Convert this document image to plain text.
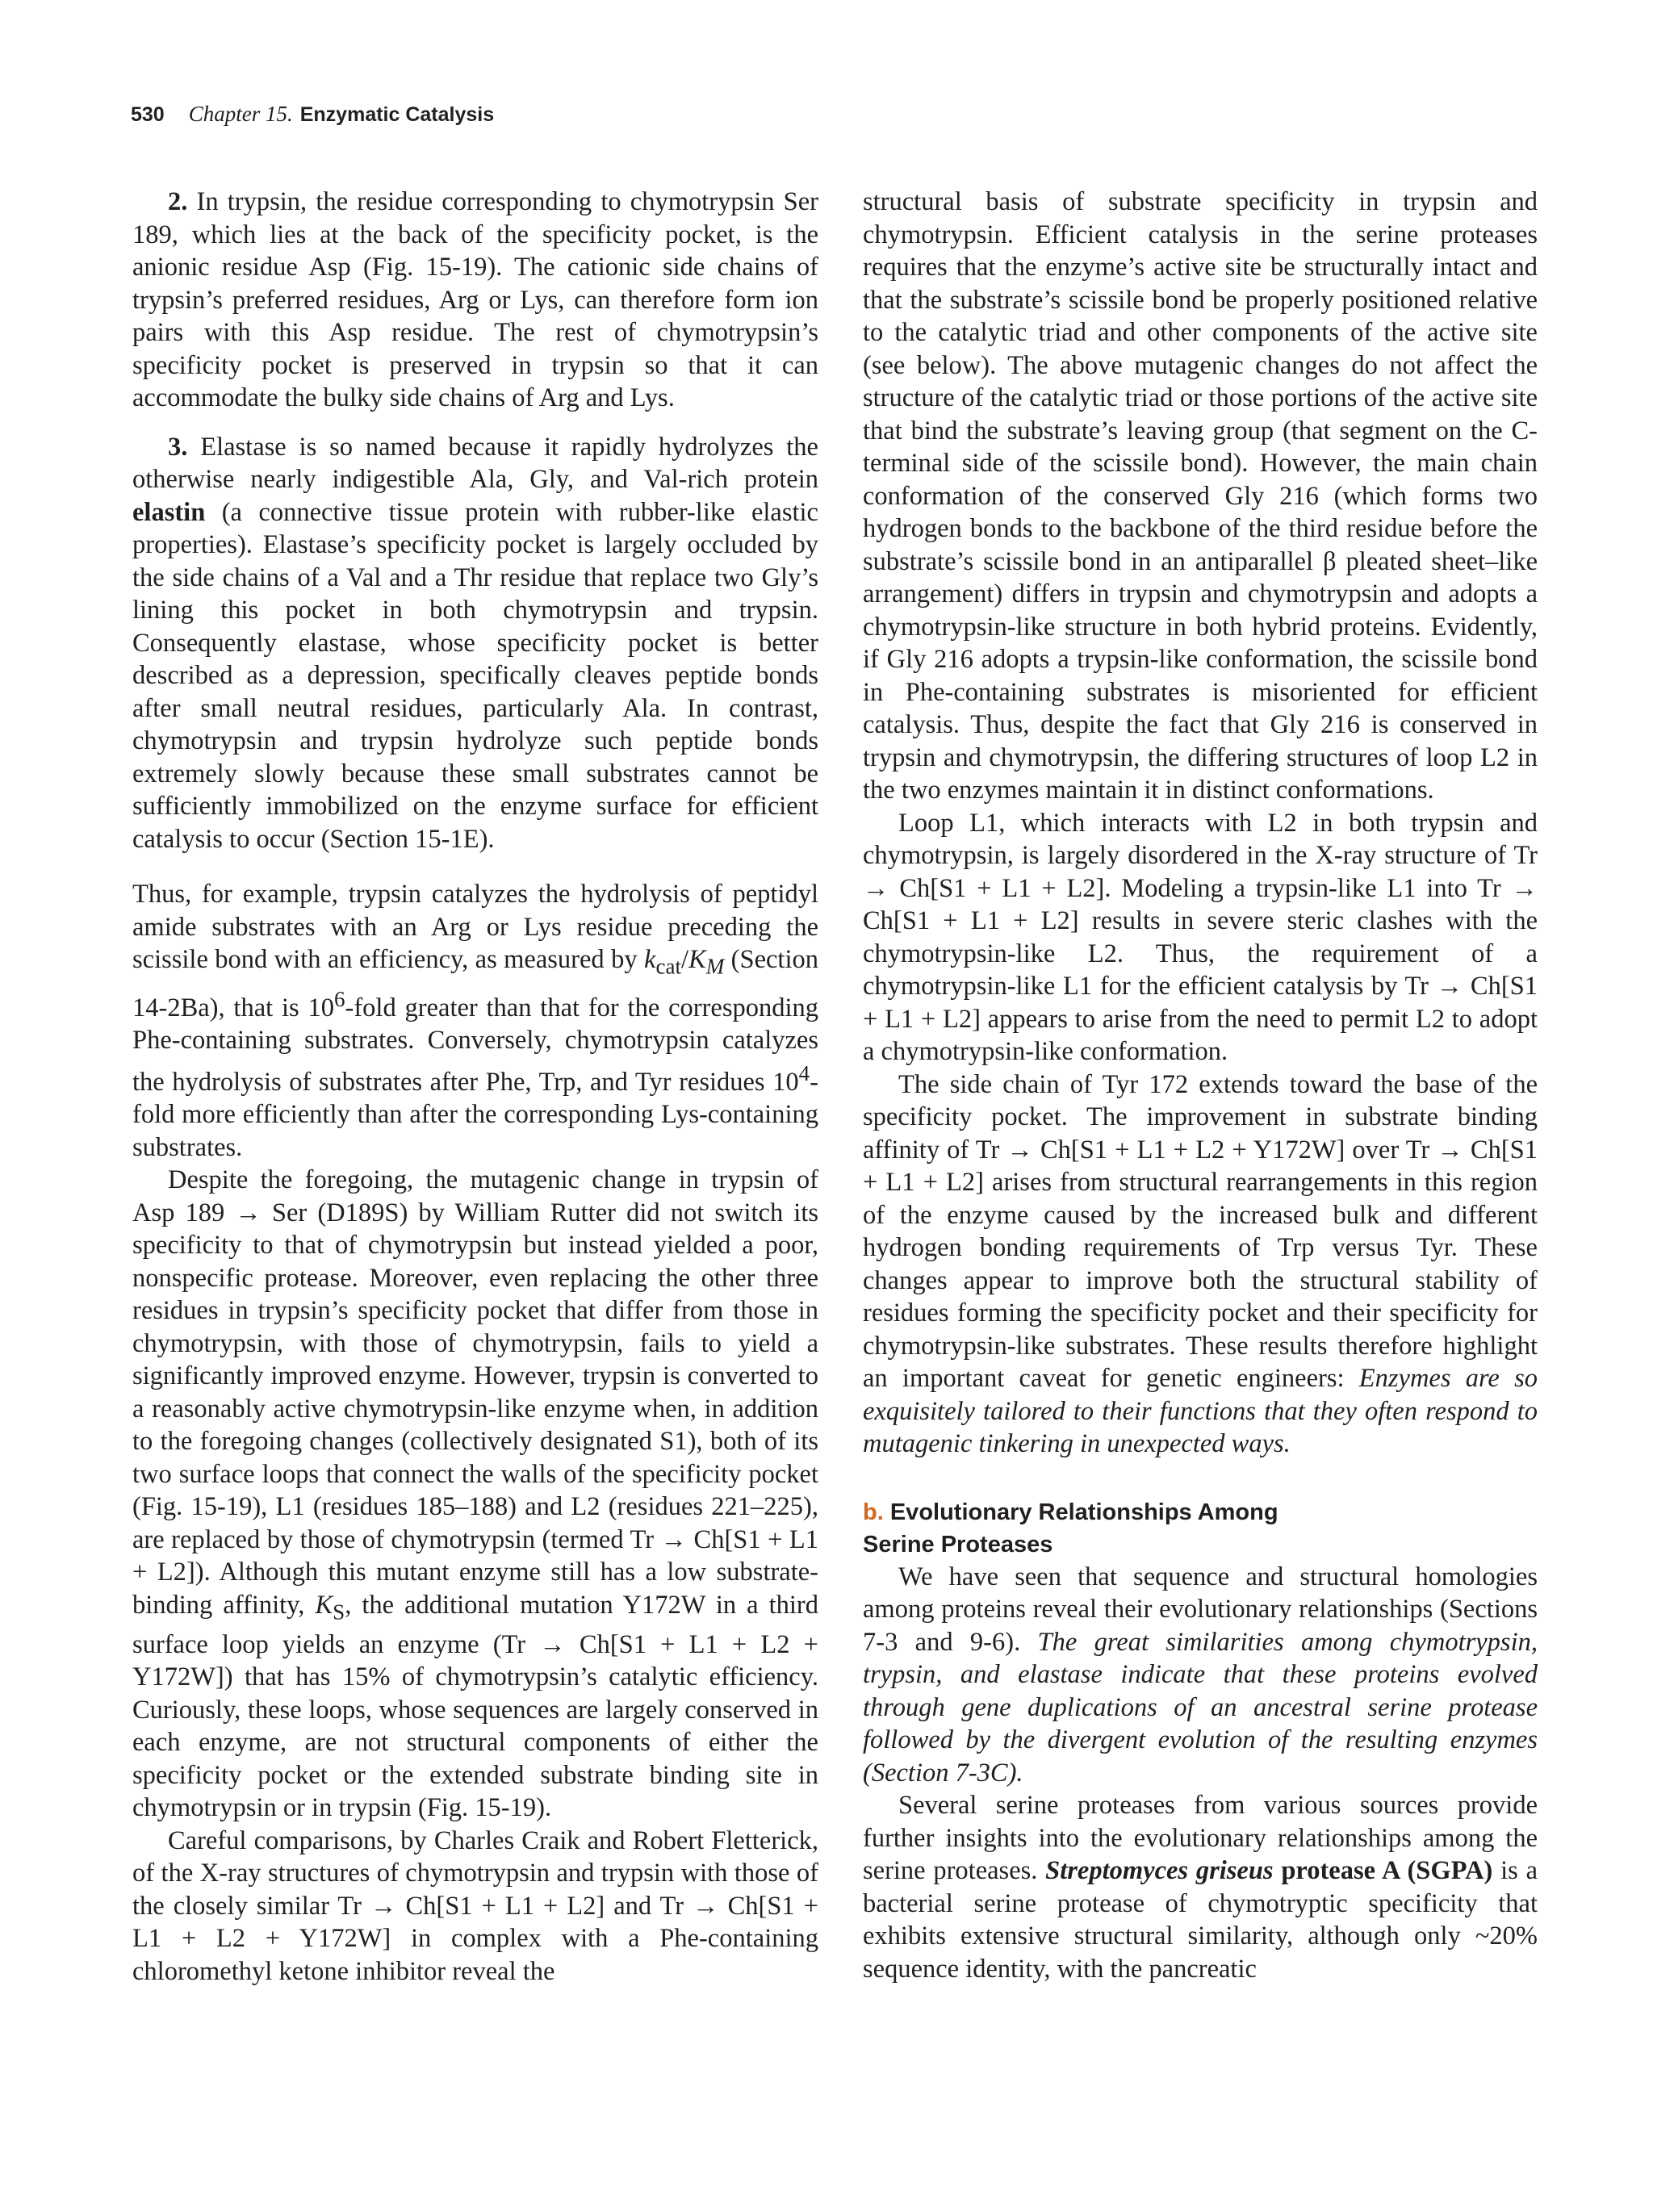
530 Chapter 15. Enzymatic Catalysis

2. In trypsin, the residue corresponding to chymotrypsin Ser 189, which lies at the back of the specificity pocket, is the anionic residue Asp (Fig. 15-19). The cationic side chains of trypsin’s preferred residues, Arg or Lys, can therefore form ion pairs with this Asp residue. The rest of chymotrypsin’s specificity pocket is preserved in trypsin so that it can accommodate the bulky side chains of Arg and Lys.

3. Elastase is so named because it rapidly hydrolyzes the otherwise nearly indigestible Ala, Gly, and Val-rich protein elastin (a connective tissue protein with rubber-like elastic properties). Elastase’s specificity pocket is largely occluded by the side chains of a Val and a Thr residue that replace two Gly’s lining this pocket in both chymotrypsin and trypsin. Consequently elastase, whose specificity pocket is better described as a depression, specifically cleaves peptide bonds after small neutral residues, particularly Ala. In contrast, chymotrypsin and trypsin hydrolyze such peptide bonds extremely slowly because these small substrates cannot be sufficiently immobilized on the enzyme surface for efficient catalysis to occur (Section 15-1E).

Thus, for example, trypsin catalyzes the hydrolysis of peptidyl amide substrates with an Arg or Lys residue preceding the scissile bond with an efficiency, as measured by $k_{cat}/K_M$ (Section 14-2Ba), that is $10^6$-fold greater than that for the corresponding Phe-containing substrates. Conversely, chymotrypsin catalyzes the hydrolysis of substrates after Phe, Trp, and Tyr residues $10^4$-fold more efficiently than after the corresponding Lys-containing substrates.

Despite the foregoing, the mutagenic change in trypsin of Asp 189 → Ser (D189S) by William Rutter did not switch its specificity to that of chymotrypsin but instead yielded a poor, nonspecific protease. Moreover, even replacing the other three residues in trypsin’s specificity pocket that differ from those in chymotrypsin, with those of chymotrypsin, fails to yield a significantly improved enzyme. However, trypsin is converted to a reasonably active chymotrypsin-like enzyme when, in addition to the foregoing changes (collectively designated S1), both of its two surface loops that connect the walls of the specificity pocket (Fig. 15-19), L1 (residues 185–188) and L2 (residues 221–225), are replaced by those of chymotrypsin (termed Tr → Ch[S1 + L1 + L2]). Although this mutant enzyme still has a low substrate-binding affinity, $K_S$, the additional mutation Y172W in a third surface loop yields an enzyme (Tr → Ch[S1 + L1 + L2 + Y172W]) that has 15% of chymotrypsin’s catalytic efficiency. Curiously, these loops, whose sequences are largely conserved in each enzyme, are not structural components of either the specificity pocket or the extended substrate binding site in chymotrypsin or in trypsin (Fig. 15-19).

Careful comparisons, by Charles Craik and Robert Fletterick, of the X-ray structures of chymotrypsin and trypsin with those of the closely similar Tr → Ch[S1 + L1 + L2] and Tr → Ch[S1 + L1 + L2 + Y172W] in complex with a Phe-containing chloromethyl ketone inhibitor reveal the

structural basis of substrate specificity in trypsin and chymotrypsin. Efficient catalysis in the serine proteases requires that the enzyme’s active site be structurally intact and that the substrate’s scissile bond be properly positioned relative to the catalytic triad and other components of the active site (see below). The above mutagenic changes do not affect the structure of the catalytic triad or those portions of the active site that bind the substrate’s leaving group (that segment on the C-terminal side of the scissile bond). However, the main chain conformation of the conserved Gly 216 (which forms two hydrogen bonds to the backbone of the third residue before the substrate’s scissile bond in an antiparallel β pleated sheet–like arrangement) differs in trypsin and chymotrypsin and adopts a chymotrypsin-like structure in both hybrid proteins. Evidently, if Gly 216 adopts a trypsin-like conformation, the scissile bond in Phe-containing substrates is misoriented for efficient catalysis. Thus, despite the fact that Gly 216 is conserved in trypsin and chymotrypsin, the differing structures of loop L2 in the two enzymes maintain it in distinct conformations.

Loop L1, which interacts with L2 in both trypsin and chymotrypsin, is largely disordered in the X-ray structure of Tr → Ch[S1 + L1 + L2]. Modeling a trypsin-like L1 into Tr → Ch[S1 + L1 + L2] results in severe steric clashes with the chymotrypsin-like L2. Thus, the requirement of a chymotrypsin-like L1 for the efficient catalysis by Tr → Ch[S1 + L1 + L2] appears to arise from the need to permit L2 to adopt a chymotrypsin-like conformation.

The side chain of Tyr 172 extends toward the base of the specificity pocket. The improvement in substrate binding affinity of Tr → Ch[S1 + L1 + L2 + Y172W] over Tr → Ch[S1 + L1 + L2] arises from structural rearrangements in this region of the enzyme caused by the increased bulk and different hydrogen bonding requirements of Trp versus Tyr. These changes appear to improve both the structural stability of residues forming the specificity pocket and their specificity for chymotrypsin-like substrates. These results therefore highlight an important caveat for genetic engineers: Enzymes are so exquisitely tailored to their functions that they often respond to mutagenic tinkering in unexpected ways.

b. Evolutionary Relationships Among
Serine Proteases

We have seen that sequence and structural homologies among proteins reveal their evolutionary relationships (Sections 7-3 and 9-6). The great similarities among chymotrypsin, trypsin, and elastase indicate that these proteins evolved through gene duplications of an ancestral serine protease followed by the divergent evolution of the resulting enzymes (Section 7-3C).

Several serine proteases from various sources provide further insights into the evolutionary relationships among the serine proteases. Streptomyces griseus protease A (SGPA) is a bacterial serine protease of chymotryptic specificity that exhibits extensive structural similarity, although only ~20% sequence identity, with the pancreatic
